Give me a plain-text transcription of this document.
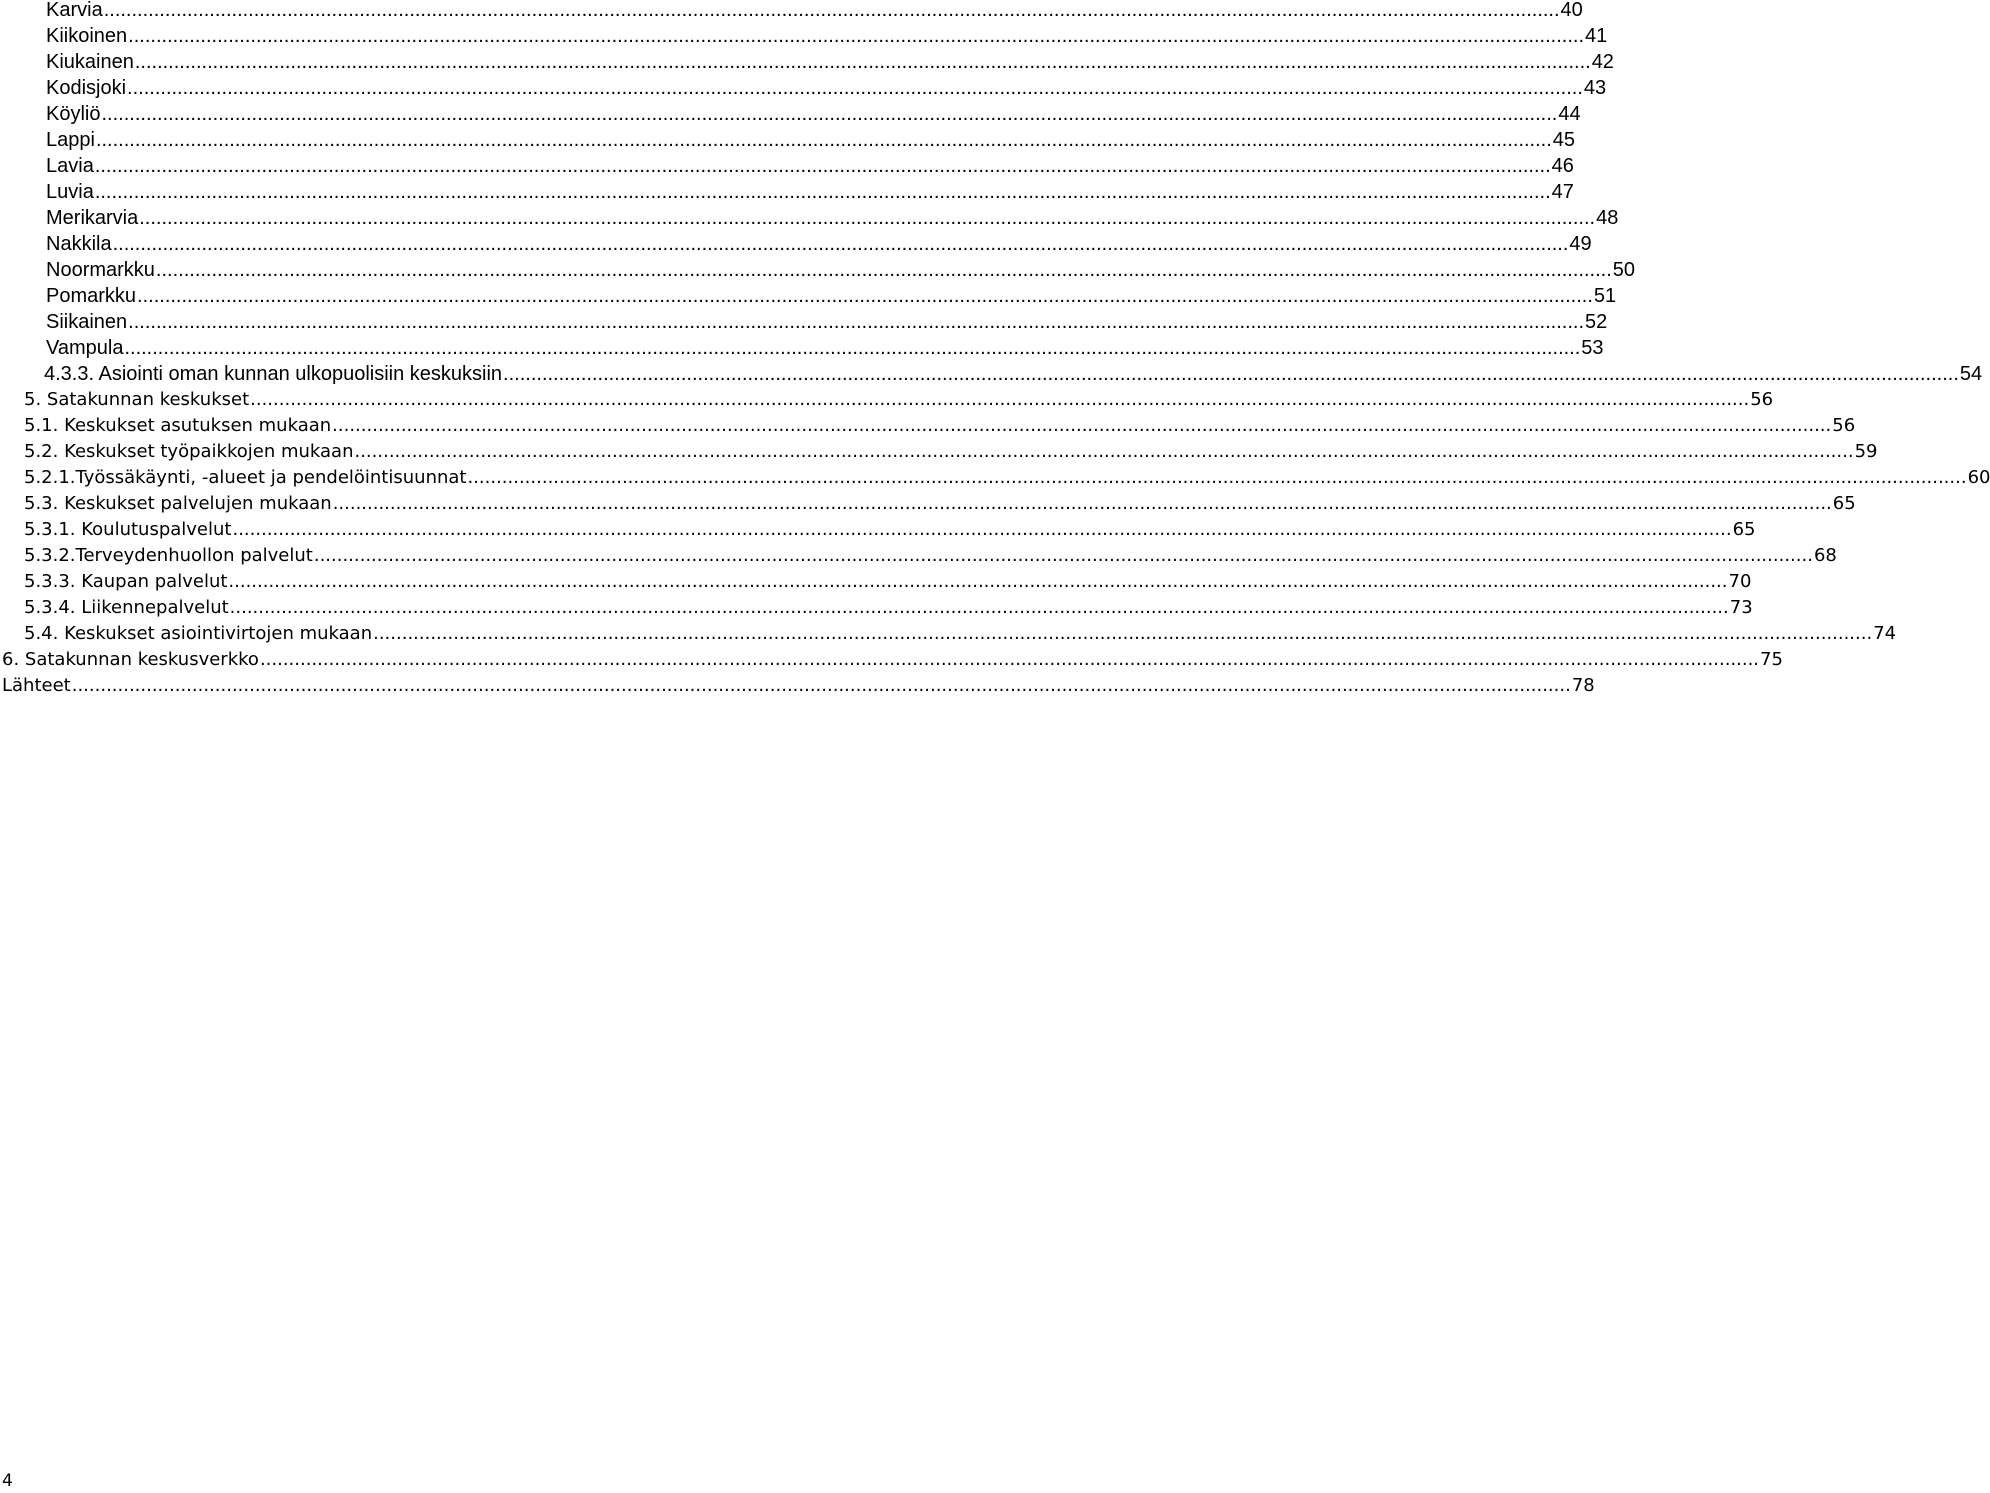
Karvia ...................................................................................................................................................................................................................................................................... 40
Kiikoinen ...................................................................................................................................................................................................................................................................... 41
Kiukainen ...................................................................................................................................................................................................................................................................... 42
Kodisjoki ...................................................................................................................................................................................................................................................................... 43
Köyliö ...................................................................................................................................................................................................................................................................... 44
Lappi ...................................................................................................................................................................................................................................................................... 45
Lavia ...................................................................................................................................................................................................................................................................... 46
Luvia ...................................................................................................................................................................................................................................................................... 47
Merikarvia ...................................................................................................................................................................................................................................................................... 48
Nakkila ...................................................................................................................................................................................................................................................................... 49
Noormarkku ...................................................................................................................................................................................................................................................................... 50
Pomarkku ...................................................................................................................................................................................................................................................................... 51
Siikainen ...................................................................................................................................................................................................................................................................... 52
Vampula ...................................................................................................................................................................................................................................................................... 53
4.3.3. Asiointi oman kunnan ulkopuolisiin keskuksiin ...................................................................................................................................................................................................................................................................... 54
5. Satakunnan keskukset ...................................................................................................................................................................................................................................................................... 56
5.1. Keskukset asutuksen mukaan ...................................................................................................................................................................................................................................................................... 56
5.2. Keskukset työpaikkojen mukaan ...................................................................................................................................................................................................................................................................... 59
5.2.1.Työssäkäynti, -alueet ja pendelöintisuunnat ...................................................................................................................................................................................................................................................................... 60
5.3. Keskukset palvelujen mukaan ...................................................................................................................................................................................................................................................................... 65
5.3.1. Koulutuspalvelut ...................................................................................................................................................................................................................................................................... 65
5.3.2.Terveydenhuollon palvelut ...................................................................................................................................................................................................................................................................... 68
5.3.3. Kaupan palvelut ...................................................................................................................................................................................................................................................................... 70
5.3.4. Liikennepalvelut ...................................................................................................................................................................................................................................................................... 73
5.4. Keskukset asiointivirtojen mukaan ...................................................................................................................................................................................................................................................................... 74
6. Satakunnan keskusverkko ...................................................................................................................................................................................................................................................................... 75
Lähteet ...................................................................................................................................................................................................................................................................... 78
4
